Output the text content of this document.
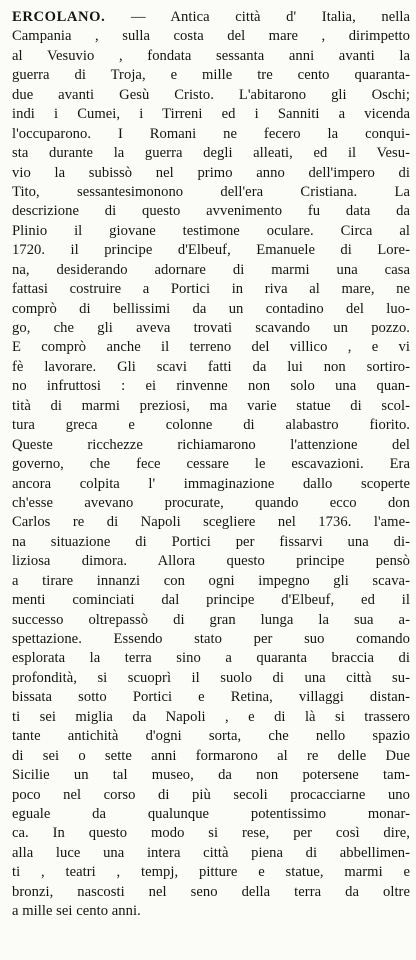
ERCOLANO. — Antica città d' Italia, nella
Campania , sulla costa del mare , dirimpetto
al Vesuvio , fondata sessanta anni avanti la
guerra di Troja, e mille tre cento quaranta-
due avanti Gesù Cristo. L'abitarono gli Oschi;
indi i Cumei, i Tirreni ed i Sanniti a vicenda
l'occuparono. I Romani ne fecero la conqui-
sta durante la guerra degli alleati, ed il Vesu-
vio la subissò nel primo anno dell'impero di
Tito, sessantesimonono dell'era Cristiana. La
descrizione di questo avvenimento fu data da
Plinio il giovane testimone oculare. Circa al
1720. il principe d'Elbeuf, Emanuele di Lore-
na, desiderando adornare di marmi una casa
fattasi costruire a Portici in riva al mare, ne
comprò di bellissimi da un contadino del luo-
go, che gli aveva trovati scavando un pozzo.
E comprò anche il terreno del villico , e vi
fè lavorare. Gli scavi fatti da lui non sortiro-
no infruttosi : ei rinvenne non solo una quan-
tità di marmi preziosi, ma varie statue di scol-
tura greca e colonne di alabastro fiorito.
Queste ricchezze richiamarono l'attenzione del
governo, che fece cessare le escavazioni. Era
ancora colpita l' immaginazione dallo scoperte
ch'esse avevano procurate, quando ecco don
Carlos re di Napoli scegliere nel 1736. l'ame-
na situazione di Portici per fissarvi una di-
liziosa dimora. Allora questo principe pensò
a tirare innanzi con ogni impegno gli scava-
menti cominciati dal principe d'Elbeuf, ed il
successo oltrepassò di gran lunga la sua a-
spettazione. Essendo stato per suo comando
esplorata la terra sino a quaranta braccia di
profondità, si scuoprì il suolo di una città su-
bissata sotto Portici e Retina, villaggi distan-
ti sei miglia da Napoli , e di là si trassero
tante antichità d'ogni sorta, che nello spazio
di sei o sette anni formarono al re delle Due
Sicilie un tal museo, da non potersene tam-
poco nel corso di più secoli procacciarne uno
eguale da qualunque potentissimo monar-
ca. In questo modo si rese, per così dire,
alla luce una intera città piena di abbellimen-
ti , teatri , tempj, pitture e statue, marmi e
bronzi, nascosti nel seno della terra da oltre
a mille sei cento anni.
